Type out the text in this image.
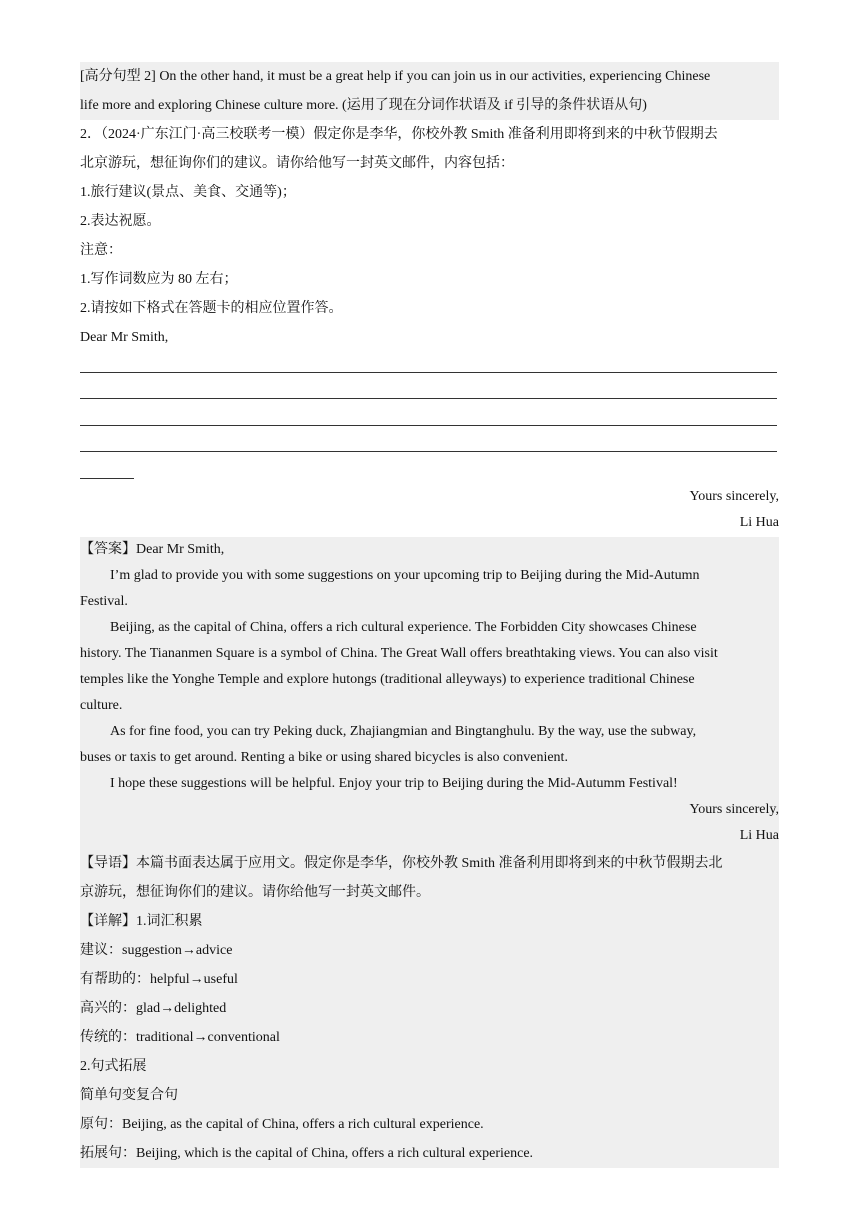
[高分句型 2] On the other hand, it must be a great help if you can join us in our activities, experiencing Chinese
life more and exploring Chinese culture more. (运用了现在分词作状语及 if 引导的条件状语从句)
2．（2024·广东江门·高三校联考一模）假定你是李华，你校外教 Smith 准备利用即将到来的中秋节假期去
北京游玩，想征询你们的建议。请你给他写一封英文邮件，内容包括：
1.旅行建议(景点、美食、交通等)；
2.表达祝愿。
注意：
1.写作词数应为 80 左右；
2.请按如下格式在答题卡的相应位置作答。
Dear Mr Smith,
Yours sincerely,
Li Hua
【答案】Dear Mr Smith,
I’m glad to provide you with some suggestions on your upcoming trip to Beijing during the Mid-Autumn
Festival.
Beijing, as the capital of China, offers a rich cultural experience. The Forbidden City showcases Chinese
history. The Tiananmen Square is a symbol of China. The Great Wall offers breathtaking views. You can also visit
temples like the Yonghe Temple and explore hutongs (traditional alleyways) to experience traditional Chinese
culture.
As for fine food, you can try Peking duck, Zhajiangmian and Bingtanghulu. By the way, use the subway,
buses or taxis to get around. Renting a bike or using shared bicycles is also convenient.
I hope these suggestions will be helpful. Enjoy your trip to Beijing during the Mid-Autumm Festival!
Yours sincerely,
Li Hua
【导语】本篇书面表达属于应用文。假定你是李华，你校外教 Smith 准备利用即将到来的中秋节假期去北
京游玩，想征询你们的建议。请你给他写一封英文邮件。
【详解】1.词汇积累
建议：suggestion→advice
有帮助的：helpful→useful
高兴的：glad→delighted
传统的：traditional→conventional
2.句式拓展
简单句变复合句
原句：Beijing, as the capital of China, offers a rich cultural experience.
拓展句：Beijing, which is the capital of China, offers a rich cultural experience.
